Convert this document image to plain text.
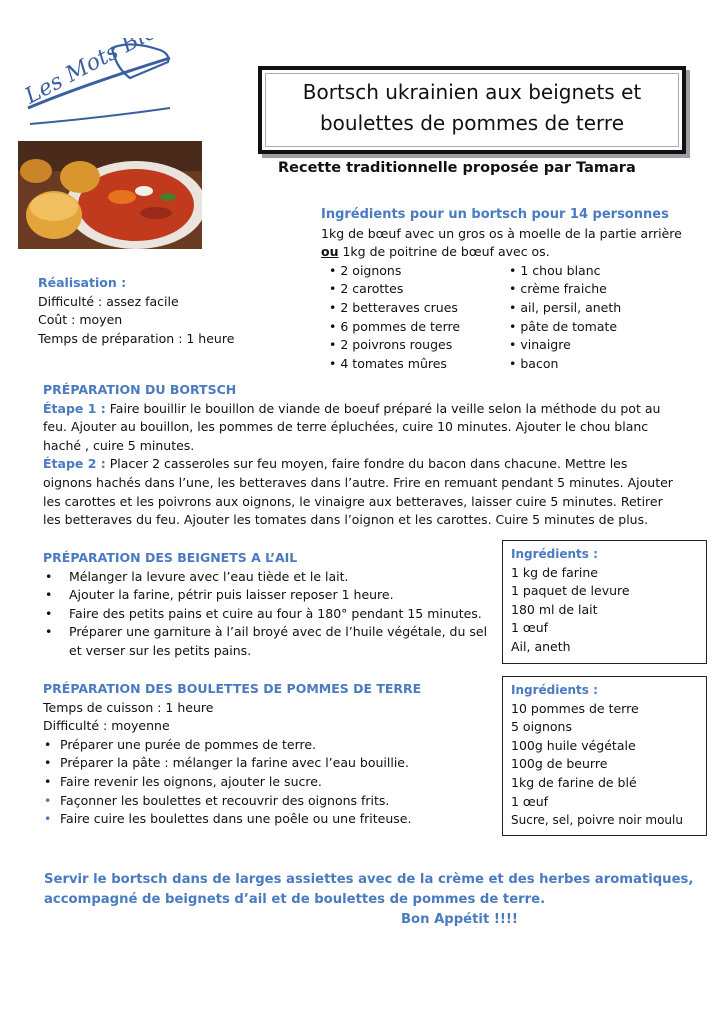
Les Mots Bleus	Bortsch ukrainien aux beignets et
boulettes de pommes de terre
Recette traditionnelle proposée par Tamara
Ingrédients pour un bortsch pour 14 personnes
1kg de bœuf avec un gros os à moelle de la partie arrière
ou 1kg de poitrine de bœuf avec os.
• 2 oignons
• 2 carottes
• 2 betteraves crues
• 6 pommes de terre
• 2 poivrons rouges
• 4 tomates mûres
• 1 chou blanc
• crème fraiche
• ail, persil, aneth
• pâte de tomate
• vinaigre
• bacon
Réalisation :
Difficulté : assez facile
Coût : moyen
Temps de préparation : 1 heure
PRÉPARATION DU BORTSCH
Étape 1 : Faire bouillir le bouillon de viande de boeuf préparé la veille selon la méthode du pot au
feu. Ajouter au bouillon, les pommes de terre épluchées, cuire 10 minutes. Ajouter le chou blanc
haché , cuire 5 minutes.
Étape 2 : Placer 2 casseroles sur feu moyen, faire fondre du bacon dans chacune. Mettre les
oignons hachés dans l’une, les betteraves dans l’autre. Frire en remuant pendant 5 minutes. Ajouter
les carottes et les poivrons aux oignons, le vinaigre aux betteraves, laisser cuire 5 minutes. Retirer
les betteraves du feu. Ajouter les tomates dans l’oignon et les carottes. Cuire 5 minutes de plus.
PRÉPARATION DES BEIGNETS A L’AIL
• Mélanger la levure avec l’eau tiède et le lait.
• Ajouter la farine, pétrir puis laisser reposer 1 heure.
• Faire des petits pains et cuire au four à 180° pendant 15 minutes.
• Préparer une garniture à l’ail broyé avec de l’huile végétale, du sel
et verser sur les petits pains.
Ingrédients :
1 kg de farine
1 paquet de levure
180 ml de lait
1 œuf
Ail, aneth
PRÉPARATION DES BOULETTES DE POMMES DE TERRE
Temps de cuisson : 1 heure
Difficulté : moyenne
• Préparer une purée de pommes de terre.
• Préparer la pâte : mélanger la farine avec l’eau bouillie.
• Faire revenir les oignons, ajouter le sucre.
• Façonner les boulettes et recouvrir des oignons frits.
• Faire cuire les boulettes dans une poêle ou une friteuse.
Ingrédients :
10 pommes de terre
5 oignons
100g huile végétale
100g de beurre
1kg de farine de blé
1 œuf
Sucre, sel, poivre noir moulu
Servir le bortsch dans de larges assiettes avec de la crème et des herbes aromatiques,
accompagné de beignets d’ail et de boulettes de pommes de terre.
Bon Appétit !!!!
